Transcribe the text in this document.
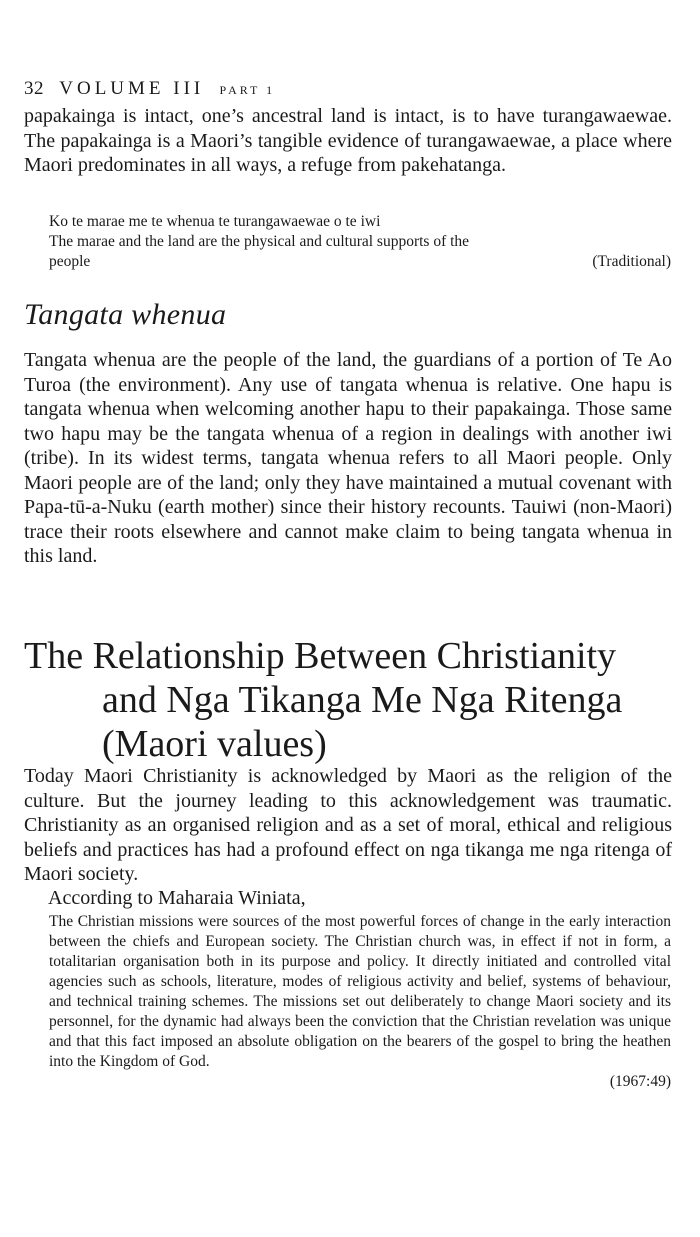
32 VOLUME III PART 1

papakainga is intact, one’s ancestral land is intact, is to have turangawaewae. The papakainga is a Maori’s tangible evidence of turangawaewae, a place where Maori predominates in all ways, a refuge from pakehatanga.

Ko te marae me te whenua te turangawaewae o te iwi
The marae and the land are the physical and cultural supports of the
people	(Traditional)
Tangata whenua

Tangata whenua are the people of the land, the guardians of a portion of Te Ao Turoa (the environment). Any use of tangata whenua is relative. One hapu is tangata whenua when welcoming another hapu to their papakainga. Those same two hapu may be the tangata whenua of a region in dealings with another iwi (tribe). In its widest terms, tangata whenua refers to all Maori people. Only Maori people are of the land; only they have maintained a mutual covenant with Papa-tū-a-Nuku (earth mother) since their history recounts. Tauiwi (non-Maori) trace their roots elsewhere and cannot make claim to being tangata whenua in this land.

The Relationship Between Christianity
and Nga Tikanga Me Nga Ritenga
(Maori values)

Today Maori Christianity is acknowledged by Maori as the religion of the culture. But the journey leading to this acknowledgement was traumatic. Christianity as an organised religion and as a set of moral, ethical and religious beliefs and practices has had a profound effect on nga tikanga me nga ritenga of Maori society.

According to Maharaia Winiata,
The Christian missions were sources of the most powerful forces of change in the early interaction between the chiefs and European society. The Christian church was, in effect if not in form, a totalitarian organisation both in its purpose and policy. It directly initiated and controlled vital agencies such as schools, literature, modes of religious activity and belief, systems of behaviour, and technical training schemes. The missions set out deliberately to change Maori society and its personnel, for the dynamic had always been the conviction that the Christian revelation was unique and that this fact imposed an absolute obligation on the bearers of the gospel to bring the heathen into the Kingdom of God.
(1967:49)
